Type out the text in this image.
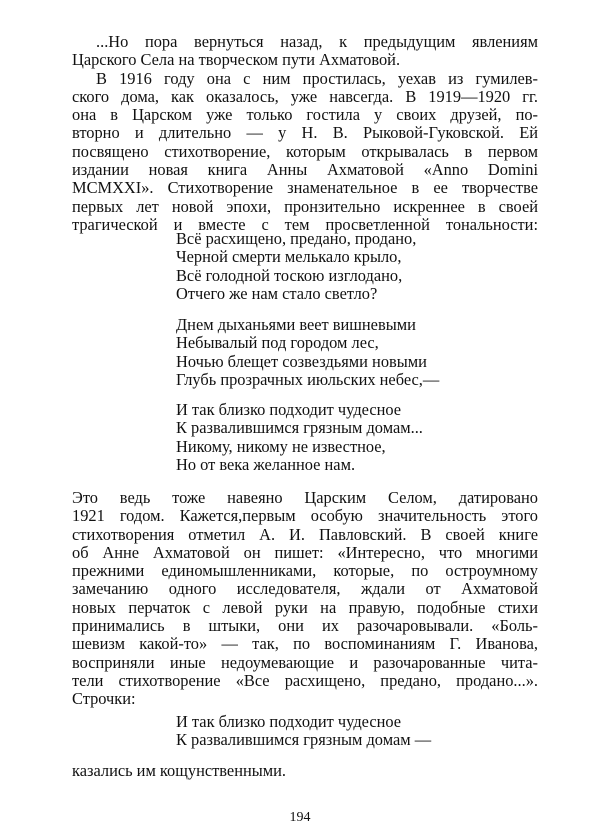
...Но пора вернуться назад, к предыдущим явлениям
Царского Села на творческом пути Ахматовой.
В 1916 году она с ним простилась, уехав из гумилев-
ского дома, как оказалось, уже навсегда. В 1919—1920 гг.
она в Царском уже только гостила у своих друзей, по-
вторно и длительно — у Н. В. Рыковой-Гуковской. Ей
посвящено стихотворение, которым открывалась в первом
издании новая книга Анны Ахматовой «Anno Domini
MCMXXI». Стихотворение знаменательное в ее творчестве
первых лет новой эпохи, пронзительно искреннее в своей
трагической и вместе с тем просветленной тональности:
Всё расхищено, предано, продано,
Черной смерти мелькало крыло,
Всё голодной тоскою изглодано,
Отчего же нам стало светло?
Днем дыханьями веет вишневыми
Небывалый под городом лес,
Ночью блещет созвездьями новыми
Глубь прозрачных июльских небес,—
И так близко подходит чудесное
К развалившимся грязным домам...
Никому, никому не известное,
Но от века желанное нам.
Это ведь тоже навеяно Царским Селом, датировано
1921 годом. Кажется,первым особую значительность этого
стихотворения отметил А. И. Павловский. В своей книге
об Анне Ахматовой он пишет: «Интересно, что многими
прежними единомышленниками, которые, по остроумному
замечанию одного исследователя, ждали от Ахматовой
новых перчаток с левой руки на правую, подобные стихи
принимались в штыки, они их разочаровывали. «Боль-
шевизм какой-то» — так, по воспоминаниям Г. Иванова,
восприняли иные недоумевающие и разочарованные чита-
тели стихотворение «Все расхищено, предано, продано...».
Строчки:
И так близко подходит чудесное
К развалившимся грязным домам —
казались им кощунственными.
194
